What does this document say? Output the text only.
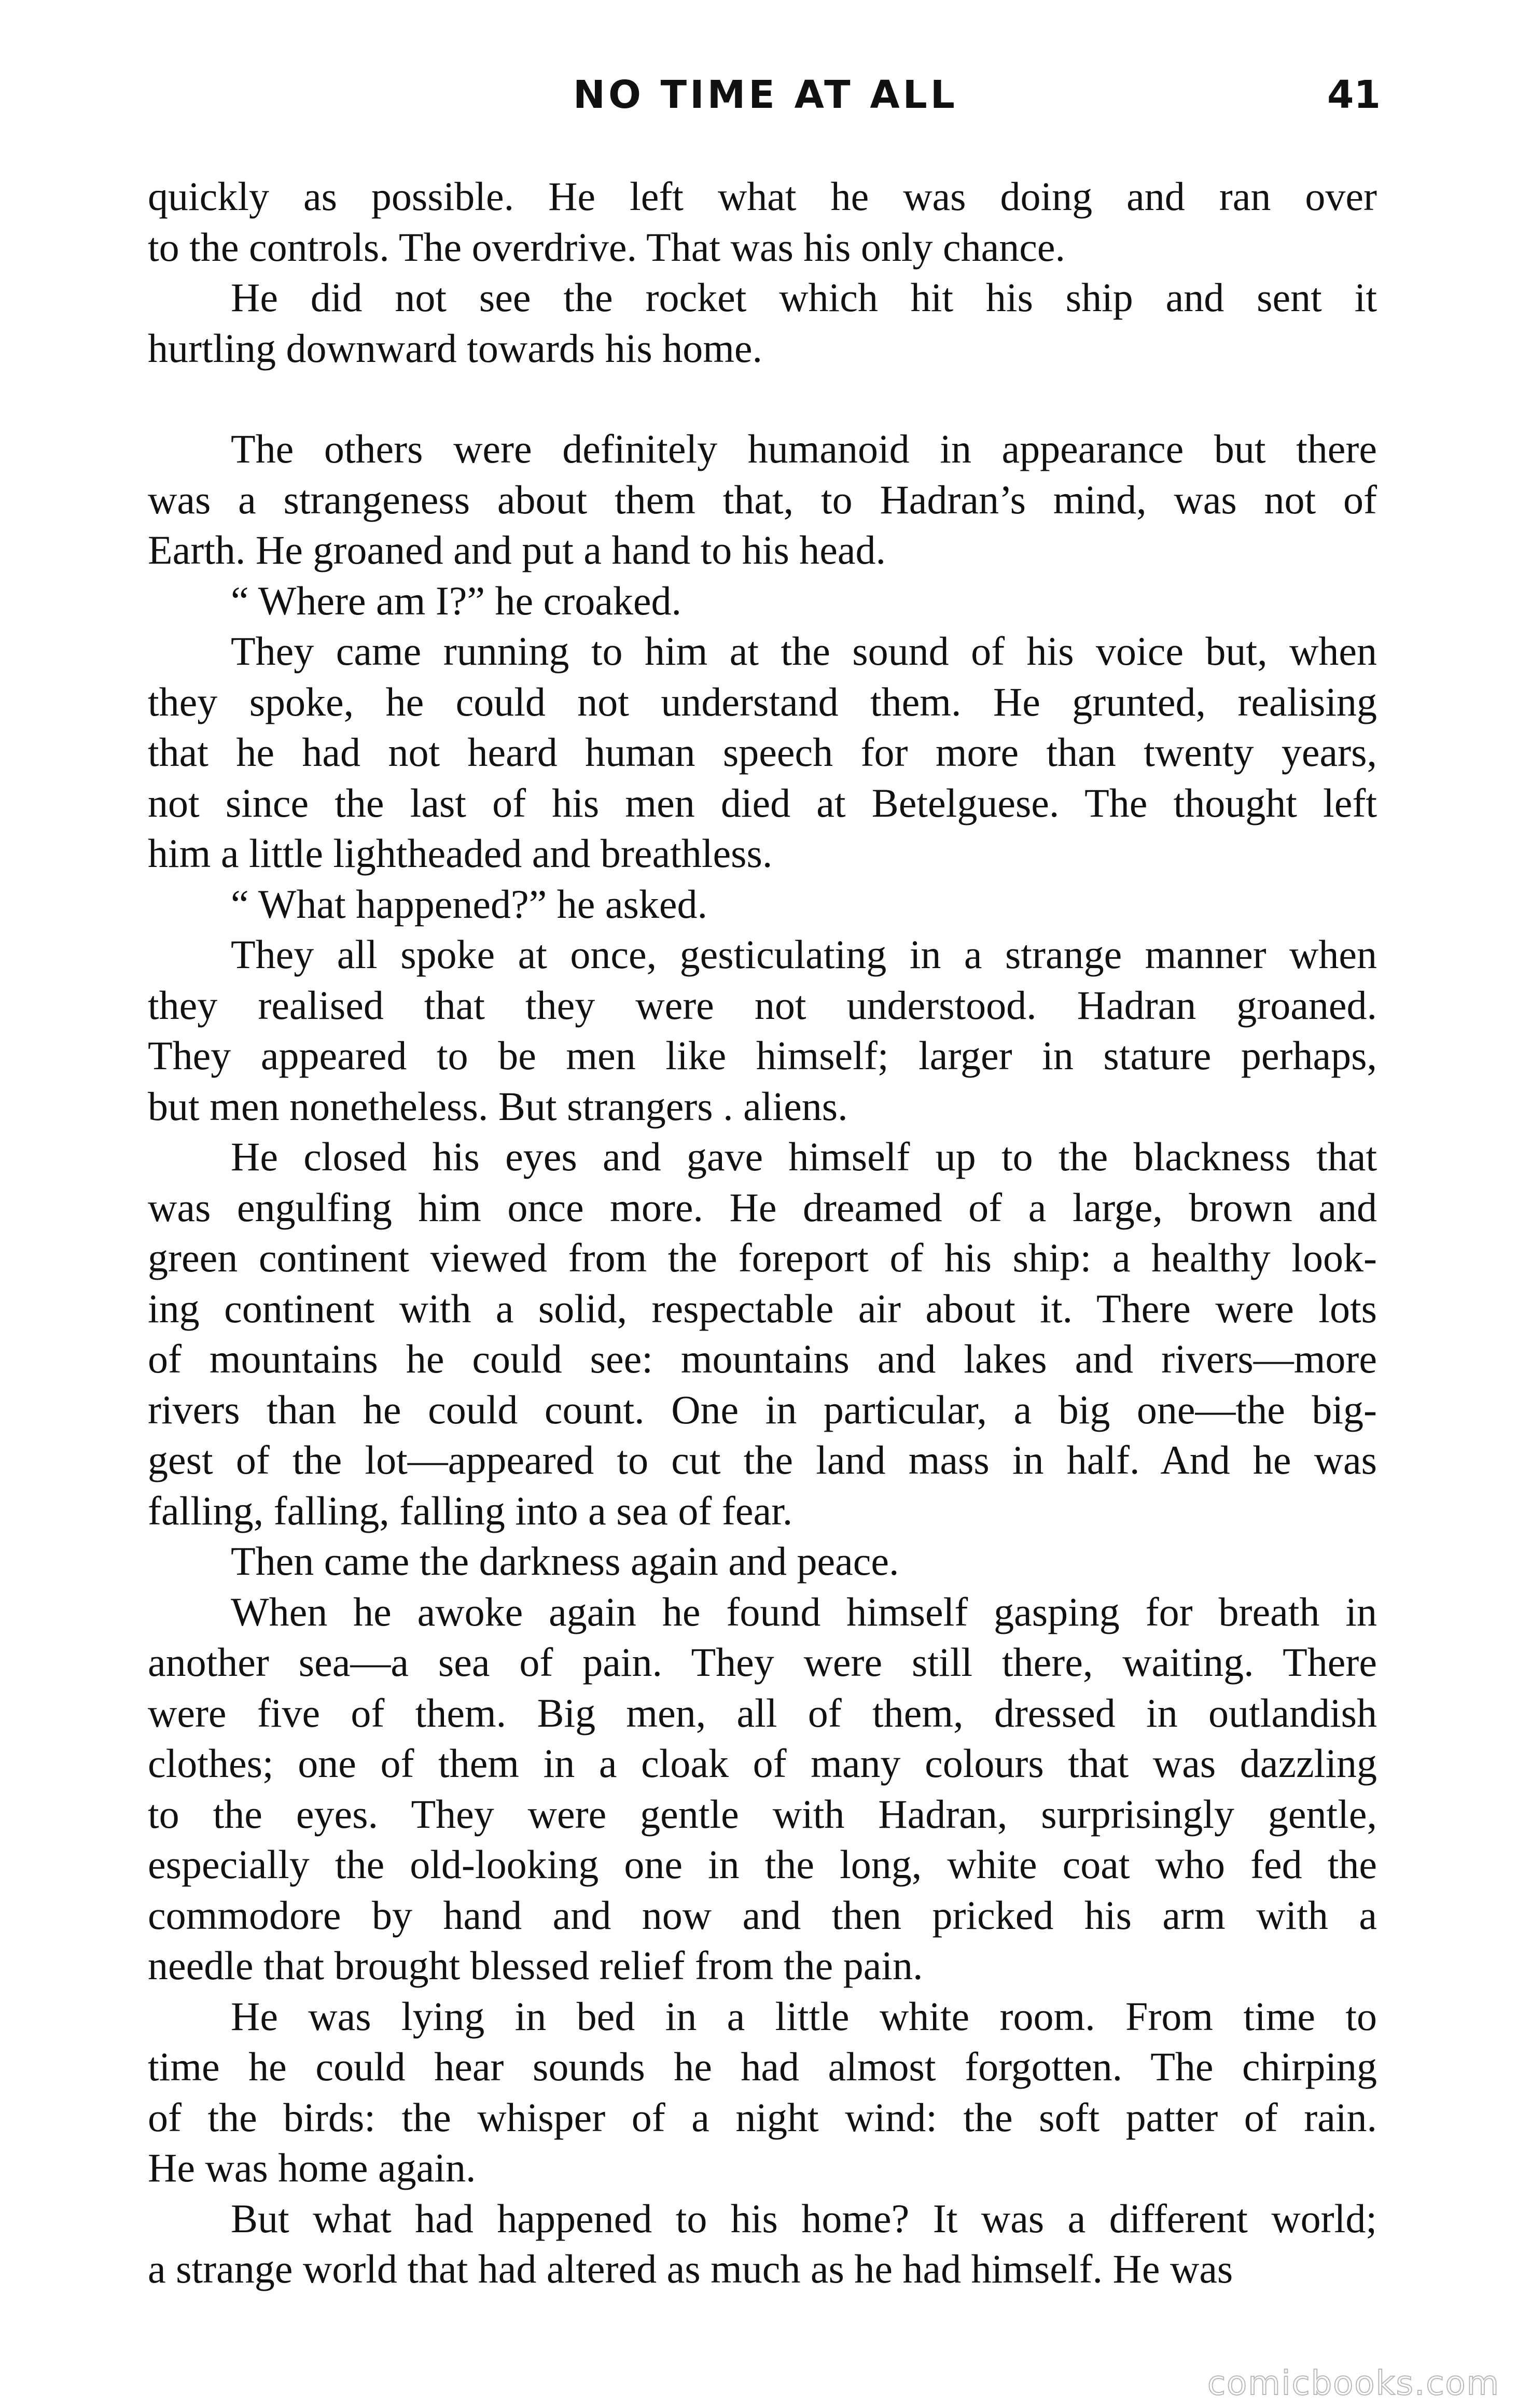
NO TIME AT ALL	41
quickly as possible. He left what he was doing and ran over
to the controls. The overdrive. That was his only chance.
He did not see the rocket which hit his ship and sent it
hurtling downward towards his home.
The others were definitely humanoid in appearance but there
was a strangeness about them that, to Hadran’s mind, was not of
Earth. He groaned and put a hand to his head.
“ Where am I?” he croaked.
They came running to him at the sound of his voice but, when
they spoke, he could not understand them. He grunted, realising
that he had not heard human speech for more than twenty years,
not since the last of his men died at Betelguese. The thought left
him a little lightheaded and breathless.
“ What happened?” he asked.
They all spoke at once, gesticulating in a strange manner when
they realised that they were not understood. Hadran groaned.
They appeared to be men like himself; larger in stature perhaps,
but men nonetheless. But strangers . aliens.
He closed his eyes and gave himself up to the blackness that
was engulfing him once more. He dreamed of a large, brown and
green continent viewed from the foreport of his ship: a healthy look-
ing continent with a solid, respectable air about it. There were lots
of mountains he could see: mountains and lakes and rivers—more
rivers than he could count. One in particular, a big one—the big-
gest of the lot—appeared to cut the land mass in half. And he was
falling, falling, falling into a sea of fear.
Then came the darkness again and peace.
When he awoke again he found himself gasping for breath in
another sea—a sea of pain. They were still there, waiting. There
were five of them. Big men, all of them, dressed in outlandish
clothes; one of them in a cloak of many colours that was dazzling
to the eyes. They were gentle with Hadran, surprisingly gentle,
especially the old-looking one in the long, white coat who fed the
commodore by hand and now and then pricked his arm with a
needle that brought blessed relief from the pain.
He was lying in bed in a little white room. From time to
time he could hear sounds he had almost forgotten. The chirping
of the birds: the whisper of a night wind: the soft patter of rain.
He was home again.
But what had happened to his home? It was a different world;
a strange world that had altered as much as he had himself. He was
comicbooks.com
